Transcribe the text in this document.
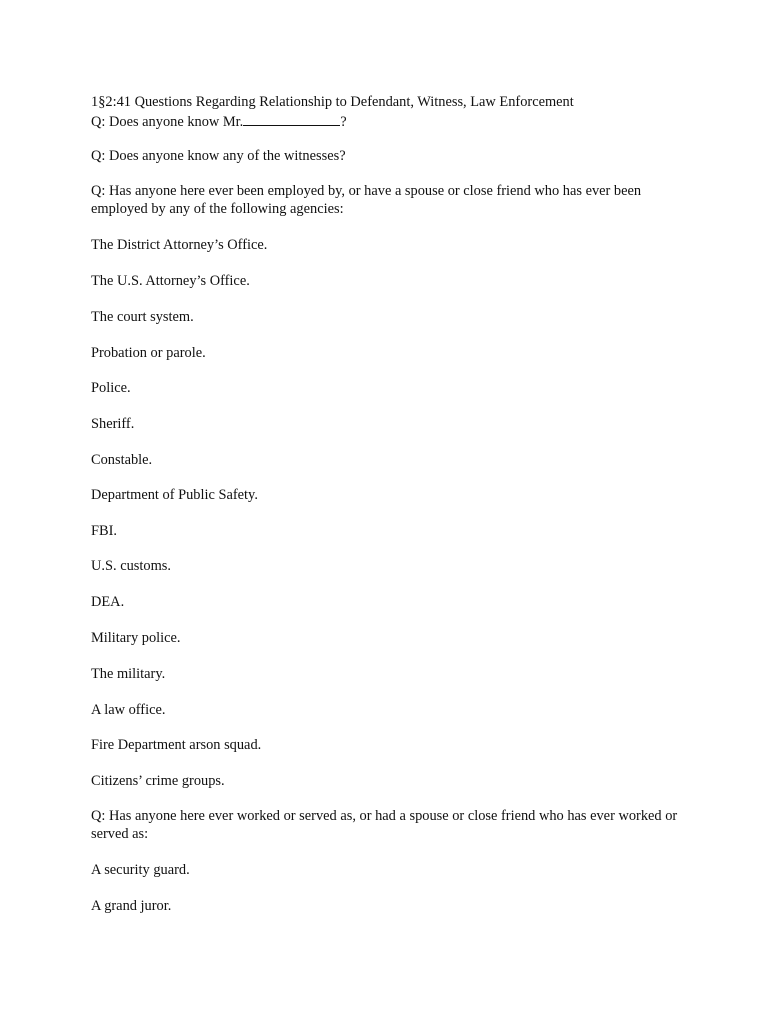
1§2:41 Questions Regarding Relationship to Defendant, Witness, Law Enforcement
Q: Does anyone know Mr.	?
Q: Does anyone know any of the witnesses?
Q: Has anyone here ever been employed by, or have a spouse or close friend who has ever been employed by any of the following agencies:
The District Attorney’s Office.
The U.S. Attorney’s Office.
The court system.
Probation or parole.
Police.
Sheriff.
Constable.
Department of Public Safety.
FBI.
U.S. customs.
DEA.
Military police.
The military.
A law office.
Fire Department arson squad.
Citizens’ crime groups.
Q: Has anyone here ever worked or served as, or had a spouse or close friend who has ever worked or served as:
A security guard.
A grand juror.
